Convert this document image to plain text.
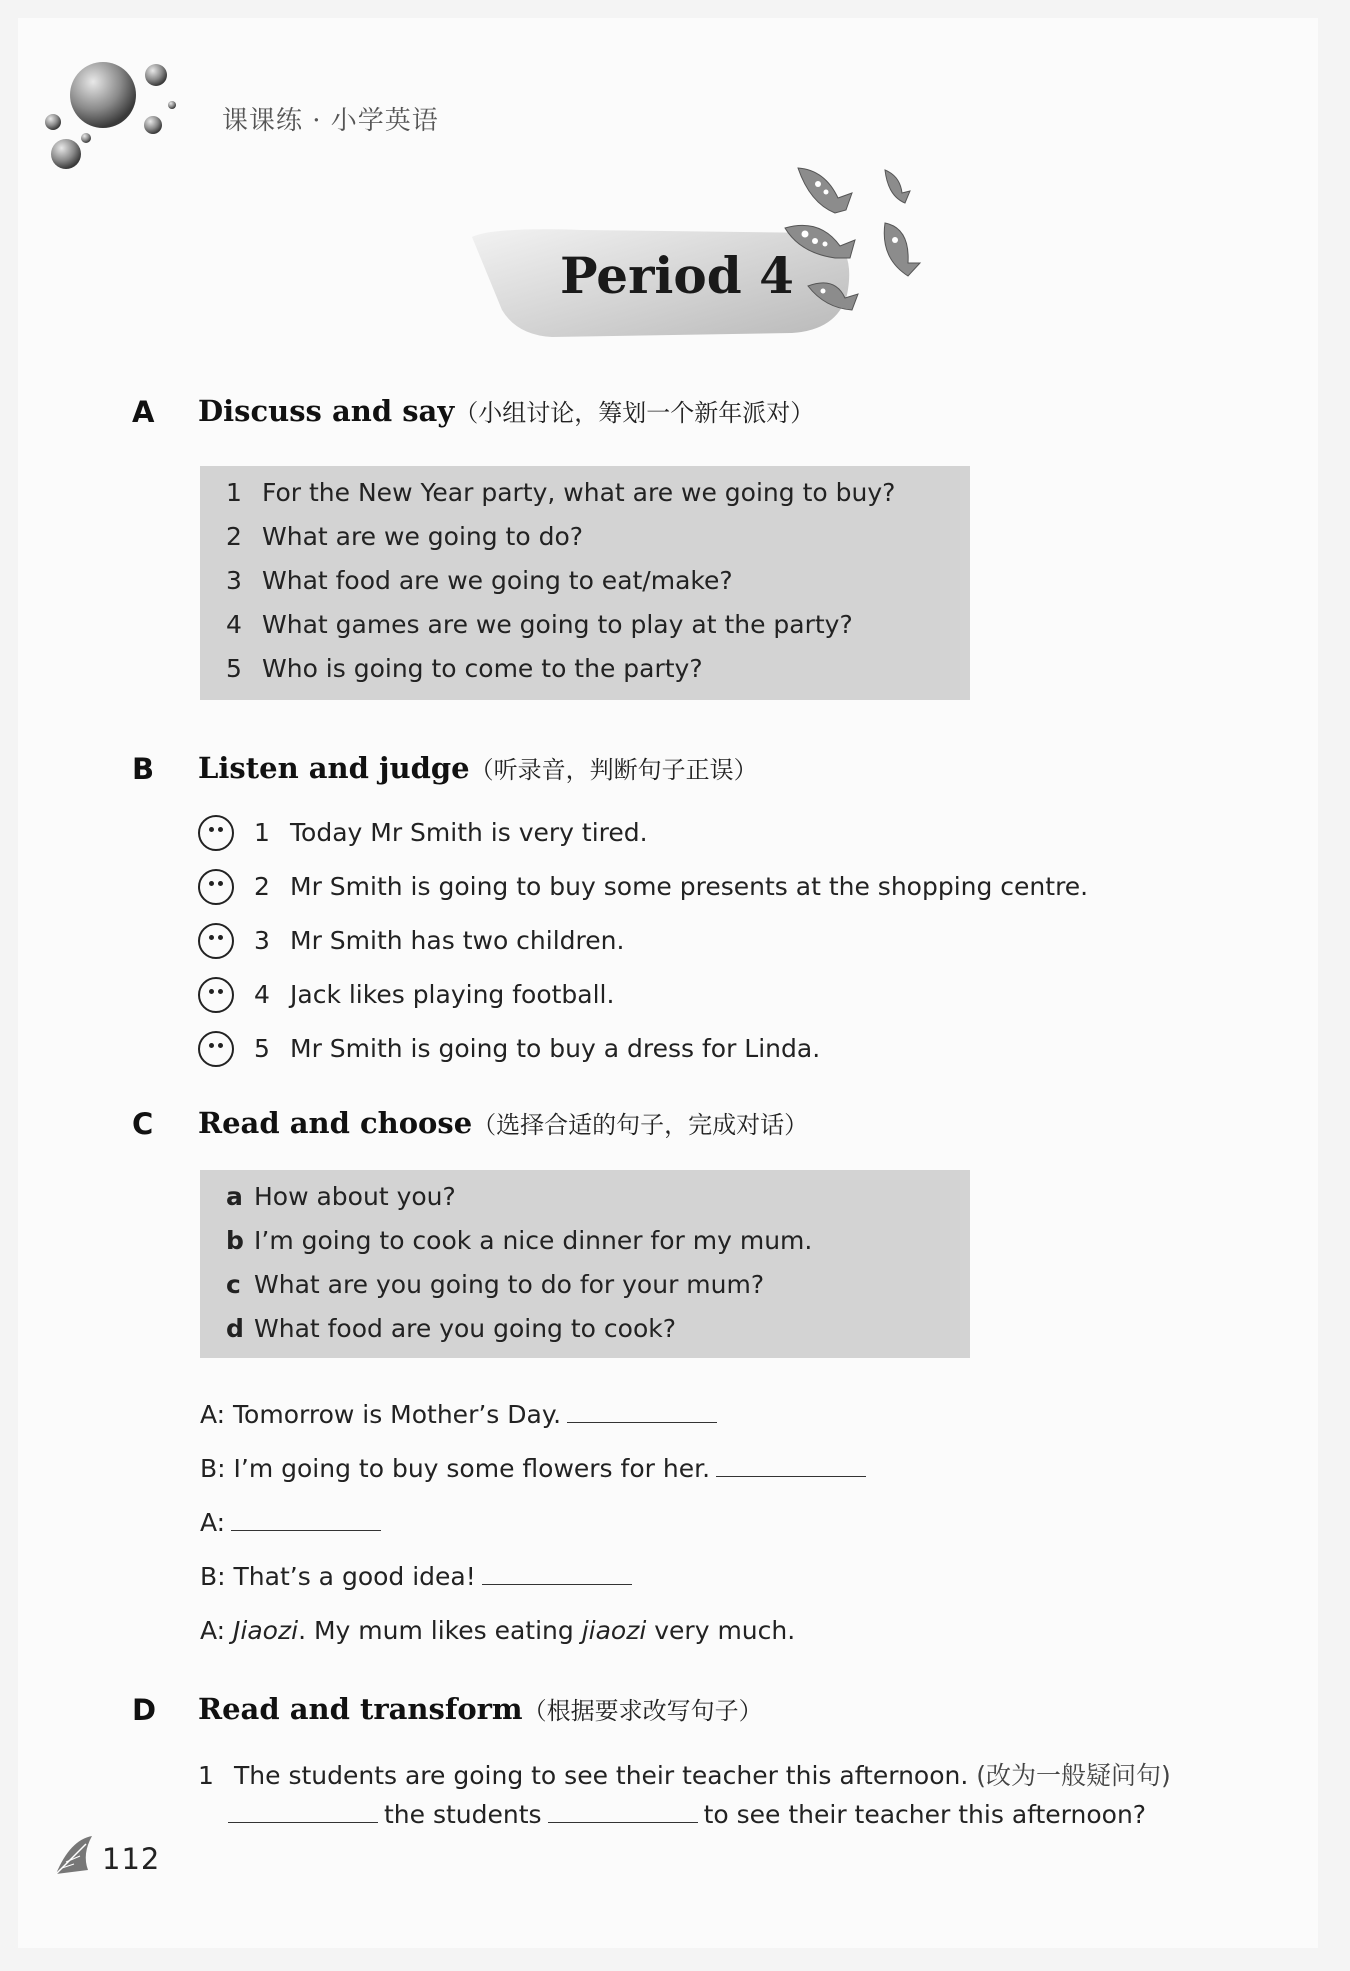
课课练 · 小学英语
Period 4
A Discuss and say（小组讨论，筹划一个新年派对）
1 For the New Year party, what are we going to buy?
2 What are we going to do?
3 What food are we going to eat/make?
4 What games are we going to play at the party?
5 Who is going to come to the party?
B Listen and judge（听录音，判断句子正误）
1 Today Mr Smith is very tired.
2 Mr Smith is going to buy some presents at the shopping centre.
3 Mr Smith has two children.
4 Jack likes playing football.
5 Mr Smith is going to buy a dress for Linda.
C Read and choose（选择合适的句子，完成对话）
a How about you?
b I’m going to cook a nice dinner for my mum.
c What are you going to do for your mum?
d What food are you going to cook?
A: Tomorrow is Mother’s Day.
B: I’m going to buy some flowers for her.
A:
B: That’s a good idea!
A: Jiaozi. My mum likes eating jiaozi very much.
D Read and transform（根据要求改写句子）
1 The students are going to see their teacher this afternoon. (改为一般疑问句)
the students	to see their teacher this afternoon?
112
